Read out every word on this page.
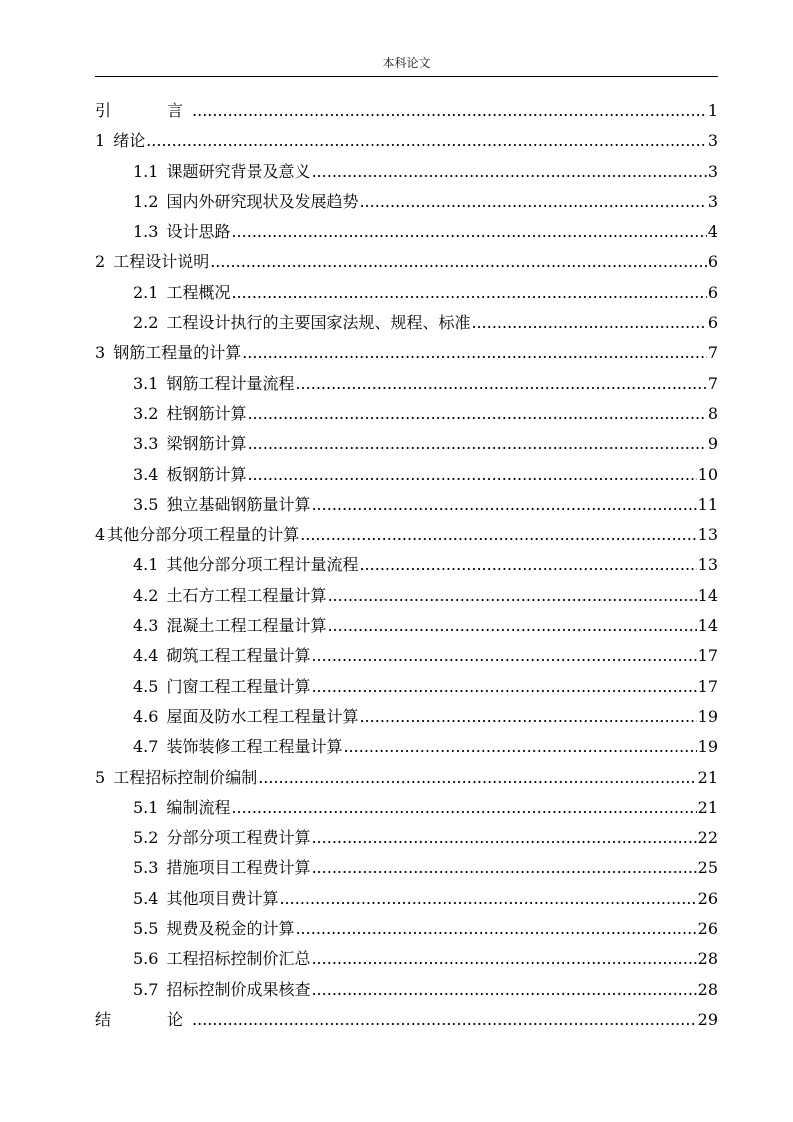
本科论文
引　　言 .....	1
1 绪论 .....	3
1.1 课题研究背景及意义 .....	3
1.2 国内外研究现状及发展趋势 .....	3
1.3 设计思路 .....	4
2 工程设计说明 .....	6
2.1 工程概况 .....	6
2.2 工程设计执行的主要国家法规、规程、标准 .....	6
3 钢筋工程量的计算 .....	7
3.1 钢筋工程计量流程 .....	7
3.2 柱钢筋计算 .....	8
3.3 梁钢筋计算 .....	9
3.4 板钢筋计算 .....	10
3.5 独立基础钢筋量计算 .....	11
4 其他分部分项工程量的计算 .....	13
4.1 其他分部分项工程计量流程 .....	13
4.2 土石方工程工程量计算 .....	14
4.3 混凝土工程工程量计算 .....	14
4.4 砌筑工程工程量计算 .....	17
4.5 门窗工程工程量计算 .....	17
4.6 屋面及防水工程工程量计算 .....	19
4.7 装饰装修工程工程量计算 .....	19
5 工程招标控制价编制 .....	21
5.1 编制流程 .....	21
5.2 分部分项工程费计算 .....	22
5.3 措施项目工程费计算 .....	25
5.4 其他项目费计算 .....	26
5.5 规费及税金的计算 .....	26
5.6 工程招标控制价汇总 .....	28
5.7 招标控制价成果核查 .....	28
结　　论 .....	29
